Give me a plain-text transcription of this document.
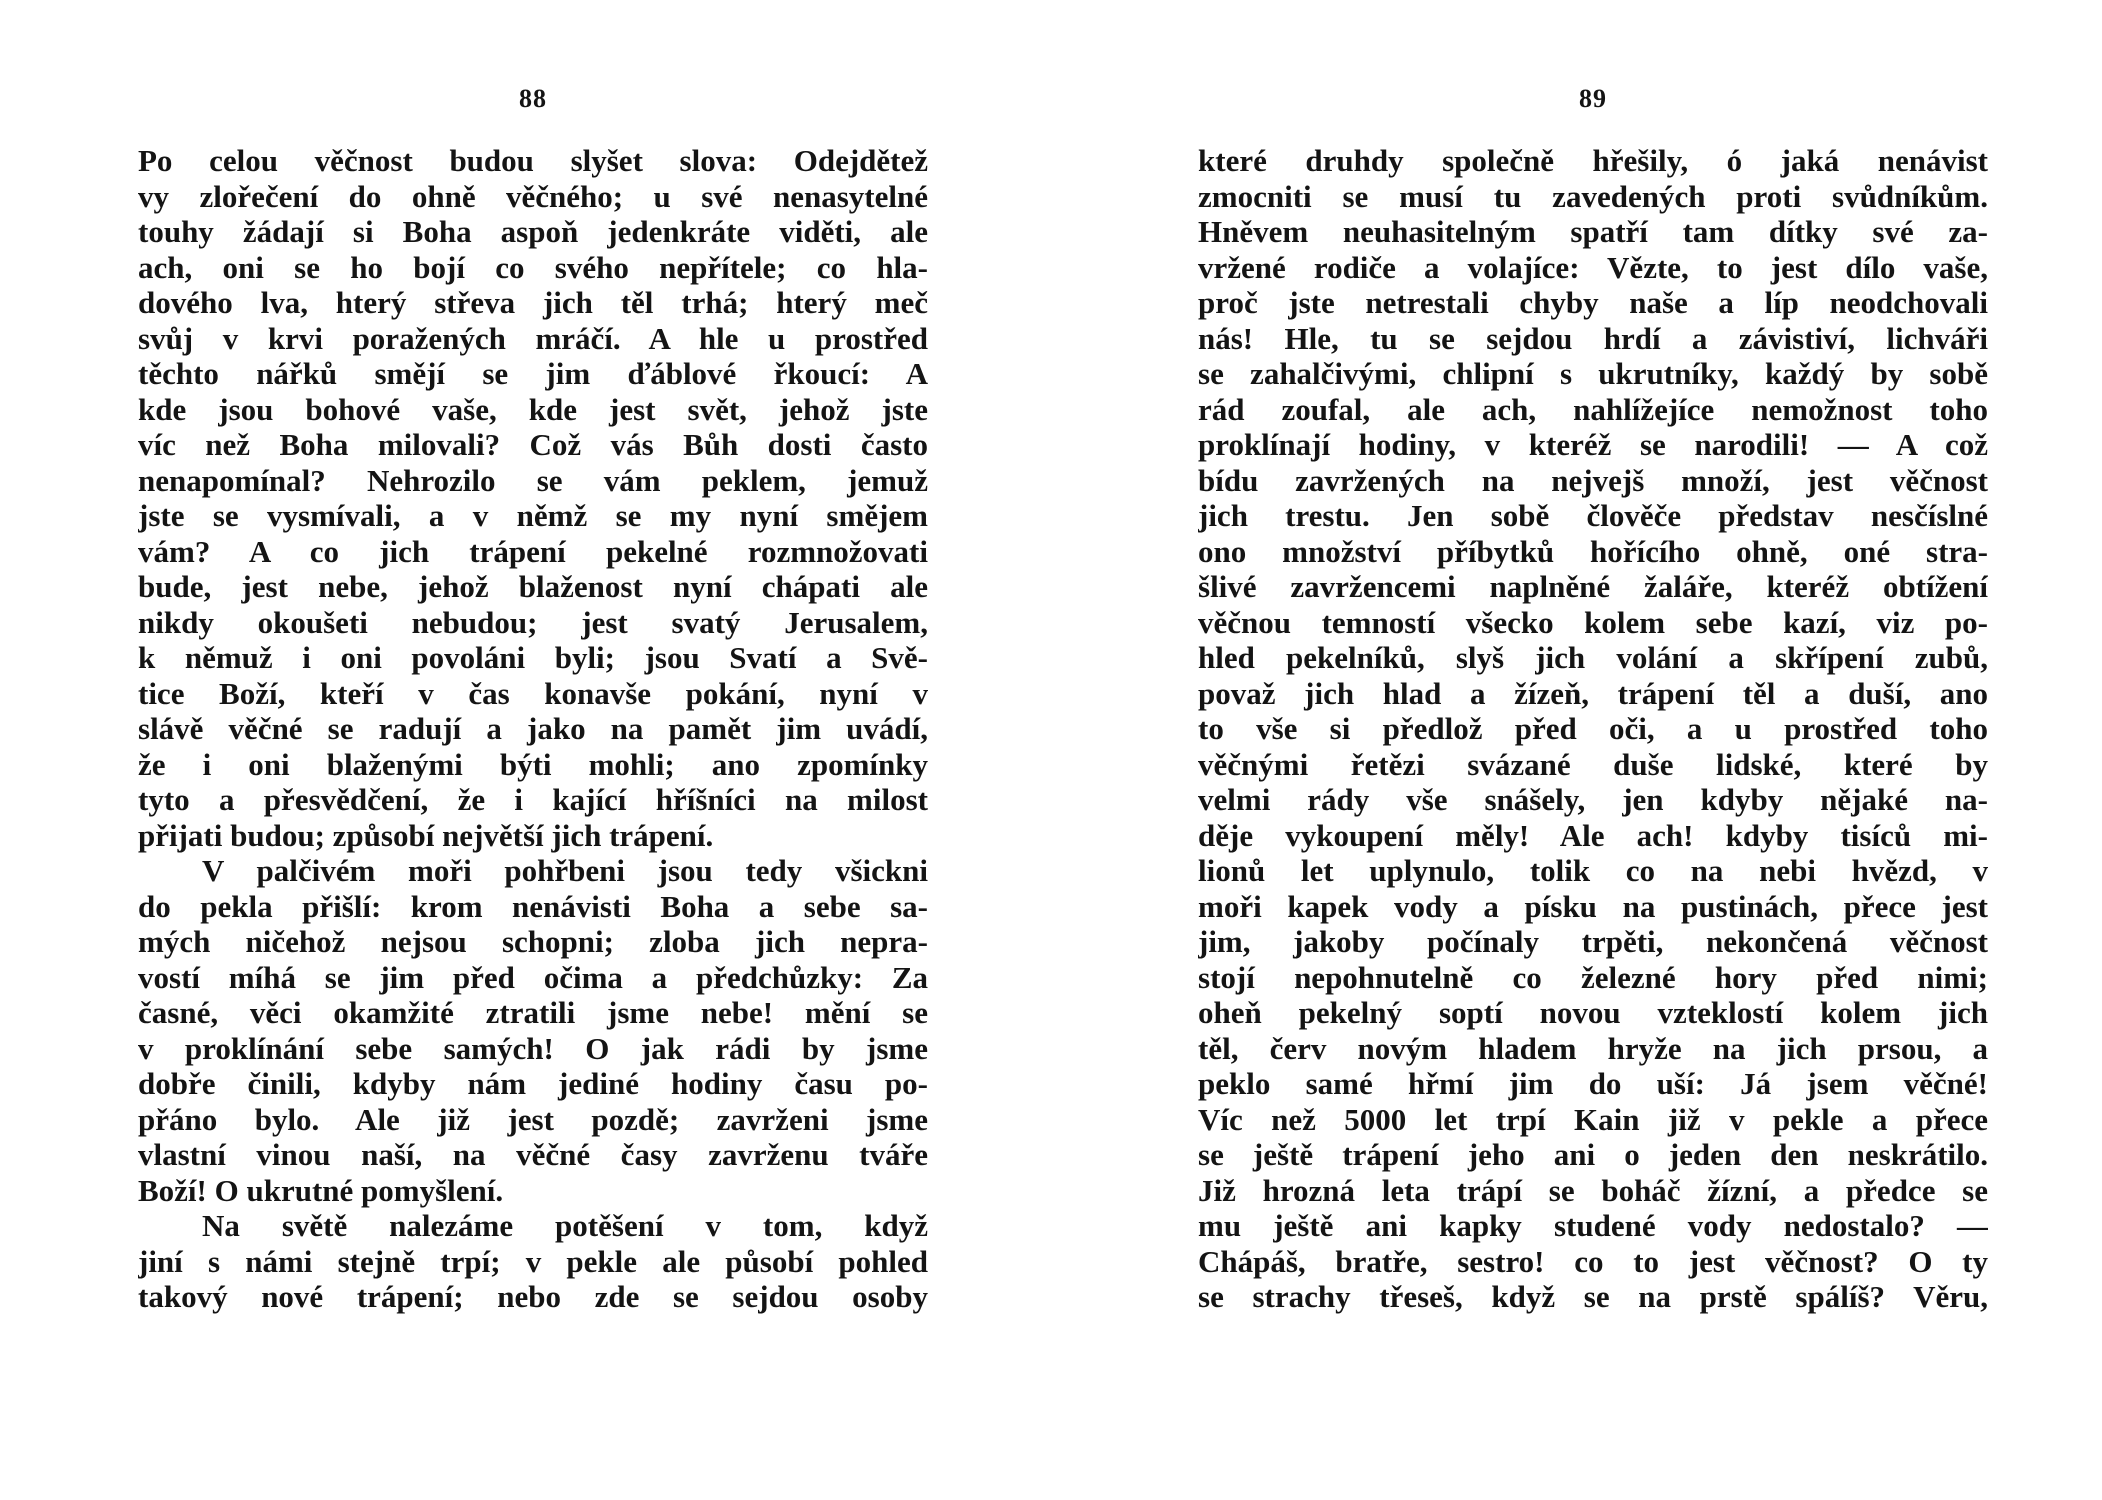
88
Po celou věčnost budou slyšet slova: Odejdětež
vy zlořečení do ohně věčného; u své nenasytelné
touhy žádají si Boha aspoň jedenkráte viděti, ale
ach, oni se ho bojí co svého nepřítele; co hla-
dového lva, hterý střeva jich těl trhá; hterý meč
svůj v krvi poražených mráčí. A hle u prostřed
těchto nářků smějí se jim ďáblové řkoucí: A
kde jsou bohové vaše, kde jest svět, jehož jste
víc než Boha milovali? Což vás Bůh dosti často
nenapomínal? Nehrozilo se vám peklem, jemuž
jste se vysmívali, a v němž se my nyní smějem
vám? A co jich trápení pekelné rozmnožovati
bude, jest nebe, jehož blaženost nyní chápati ale
nikdy okoušeti nebudou; jest svatý Jerusalem,
k němuž i oni povoláni byli; jsou Svatí a Svě-
tice Boží, kteří v čas konavše pokání, nyní v
slávě věčné se radují a jako na pamět jim uvádí,
že i oni blaženými býti mohli; ano zpomínky
tyto a přesvědčení, že i kající hříšníci na milost
přijati budou; způsobí největší jich trápení.
V palčivém moři pohřbeni jsou tedy všickni
do pekla přišlí: krom nenávisti Boha a sebe sa-
mých ničehož nejsou schopni; zloba jich nepra-
vostí míhá se jim před očima a předchůzky: Za
časné, věci okamžité ztratili jsme nebe! mění se
v proklínání sebe samých! O jak rádi by jsme
dobře činili, kdyby nám jediné hodiny času po-
přáno bylo. Ale již jest pozdě; zavrženi jsme
vlastní vinou naší, na věčné časy zavrženu tváře
Boží! O ukrutné pomyšlení.
Na světě nalezáme potěšení v tom, když
jiní s námi stejně trpí; v pekle ale působí pohled
takový nové trápení; nebo zde se sejdou osoby
89
které druhdy společně hřešily, ó jaká nenávist
zmocniti se musí tu zavedených proti svůdníkům.
Hněvem neuhasitelným spatří tam dítky své za-
vržené rodiče a volajíce: Vězte, to jest dílo vaše,
proč jste netrestali chyby naše a líp neodchovali
nás! Hle, tu se sejdou hrdí a závistiví, lichváři
se zahalčivými, chlipní s ukrutníky, každý by sobě
rád zoufal, ale ach, nahlížejíce nemožnost toho
proklínají hodiny, v kteréž se narodili! — A což
bídu zavržených na nejvejš množí, jest věčnost
jich trestu. Jen sobě člověče představ nesčíslné
ono množství příbytků hořícího ohně, oné stra-
šlivé zavržencemi naplněné žaláře, kteréž obtížení
věčnou temností všecko kolem sebe kazí, viz po-
hled pekelníků, slyš jich volání a skřípení zubů,
považ jich hlad a žízeň, trápení těl a duší, ano
to vše si předlož před oči, a u prostřed toho
věčnými řetězi svázané duše lidské, které by
velmi rády vše snášely, jen kdyby nějaké na-
děje vykoupení měly! Ale ach! kdyby tisíců mi-
lionů let uplynulo, tolik co na nebi hvězd, v
moři kapek vody a písku na pustinách, přece jest
jim, jakoby počínaly trpěti, nekončená věčnost
stojí nepohnutelně co železné hory před nimi;
oheň pekelný soptí novou vzteklostí kolem jich
těl, červ novým hladem hryže na jich prsou, a
peklo samé hřmí jim do uší: Já jsem věčné!
Víc než 5000 let trpí Kain již v pekle a přece
se ještě trápení jeho ani o jeden den neskrátilo.
Již hrozná leta trápí se boháč žízní, a předce se
mu ještě ani kapky studené vody nedostalo? —
Chápáš, bratře, sestro! co to jest věčnost? O ty
se strachy třeseš, když se na prstě spálíš? Věru,
